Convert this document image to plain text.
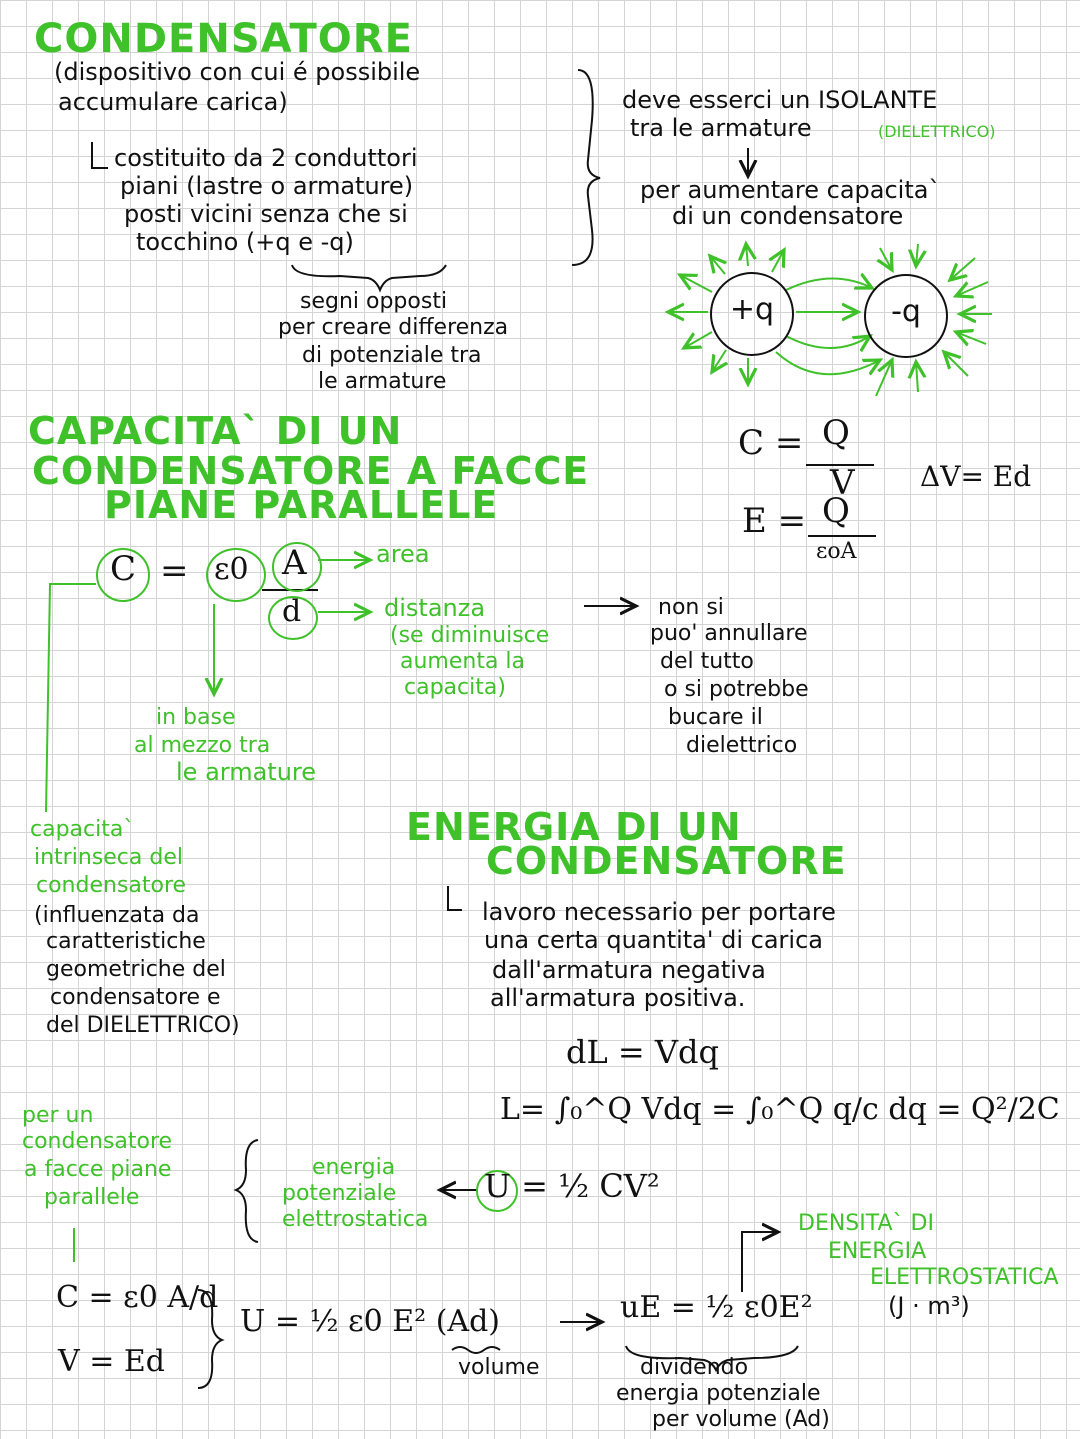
CONDENSATORE
(dispositivo con cui é possibile
accumulare carica)
costituito da 2 conduttori
piani (lastre o armature)
posti vicini senza che si
tocchino (+q e -q)
segni opposti
per creare differenza
di potenziale tra
le armature
deve esserci un ISOLANTE
tra le armature	(DIELETTRICO)
per aumentare capacita`
di un condensatore
+q	-q
C = Q
V ΔV= Ed
E = Q
εoA
CAPACITA` DI UN
CONDENSATORE A FACCE
PIANE PARALLELE
C = ε0 A
d
area
distanza
(se diminuisce
aumenta la
capacita)
non si
puo' annullare
del tutto
o si potrebbe
bucare il
dielettrico
in base
al mezzo tra
le armature
capacita`
intrinseca del
condensatore
(influenzata da
caratteristiche
geometriche del
condensatore e
del DIELETTRICO)
ENERGIA DI UN
CONDENSATORE
lavoro necessario per portare
una certa quantita' di carica
dall'armatura negativa
all'armatura positiva.
dL = Vdq
L= ∫₀^Q Vdq = ∫₀^Q q/c dq = Q²/2C
per un
condensatore
a facce piane
parallele
energia
potenziale
elettrostatica
U = ½ CV²
C = ε0 A/d
V = Ed
U = ½ ε0 E² (Ad)
volume
uE = ½ ε0E²
DENSITA` DI
ENERGIA
ELETTROSTATICA
(J · m³)
dividendo
energia potenziale
per volume (Ad)
